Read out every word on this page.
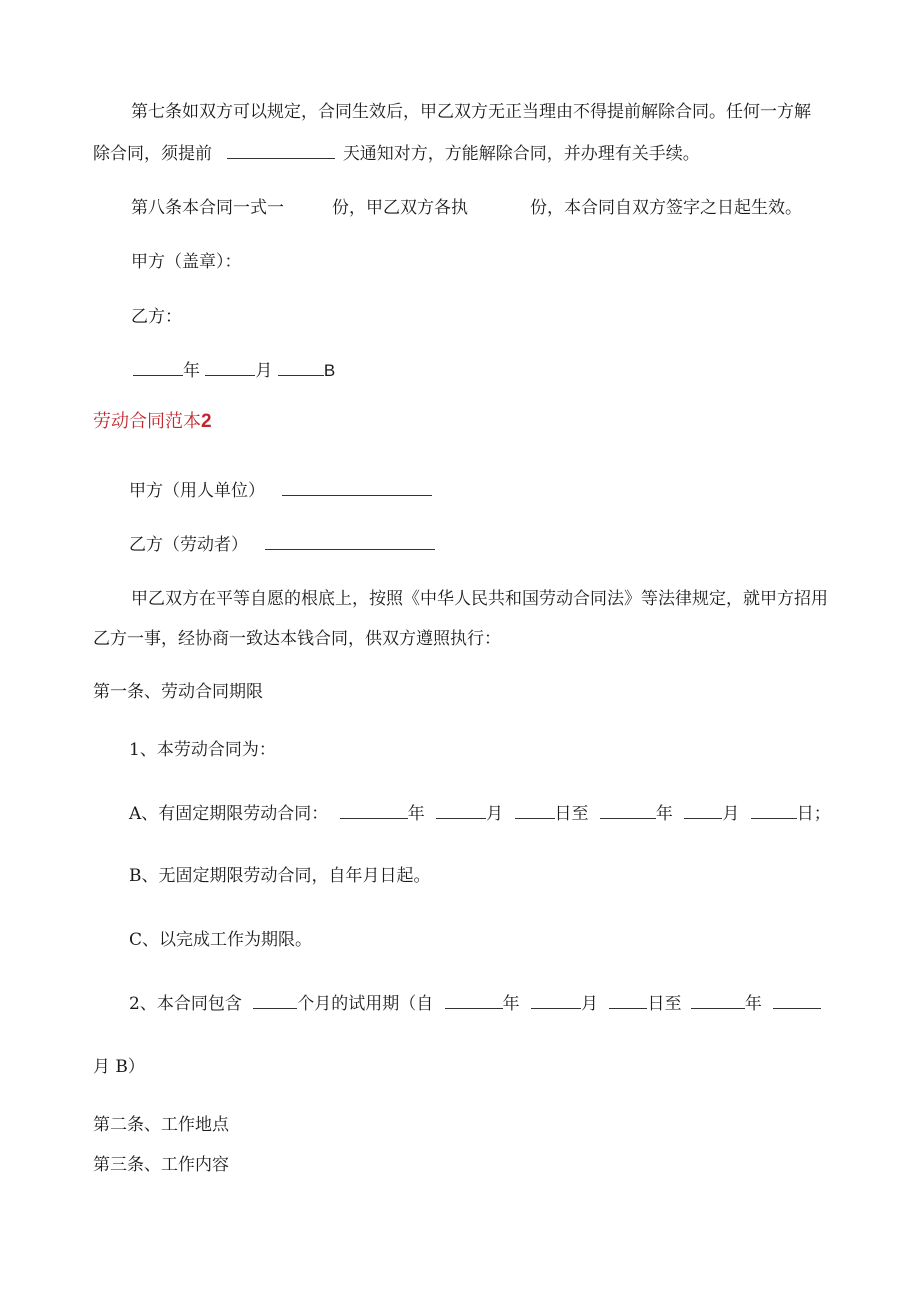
第七条如双方可以规定，合同生效后，甲乙双方无正当理由不得提前解除合同。任何一方解
除合同，须提前	天通知对方，方能解除合同，并办理有关手续。
第八条本合同一式一	份，甲乙双方各执	份，本合同自双方签字之日起生效。
甲方（盖章）：
乙方：
年	月	B
劳动合同范本2
甲方（用人单位）
乙方（劳动者）
甲乙双方在平等自愿的根底上，按照《中华人民共和国劳动合同法》等法律规定，就甲方招用
乙方一事，经协商一致达本钱合同，供双方遵照执行：
第一条、劳动合同期限
1、本劳动合同为：
A、有固定期限劳动合同：	年	月	日至	年	月	日；
B、无固定期限劳动合同，自年月日起。
C、以完成工作为期限。
2、本合同包含	个月的试用期（自	年	月	日至	年
月 B）
第二条、工作地点
第三条、工作内容
